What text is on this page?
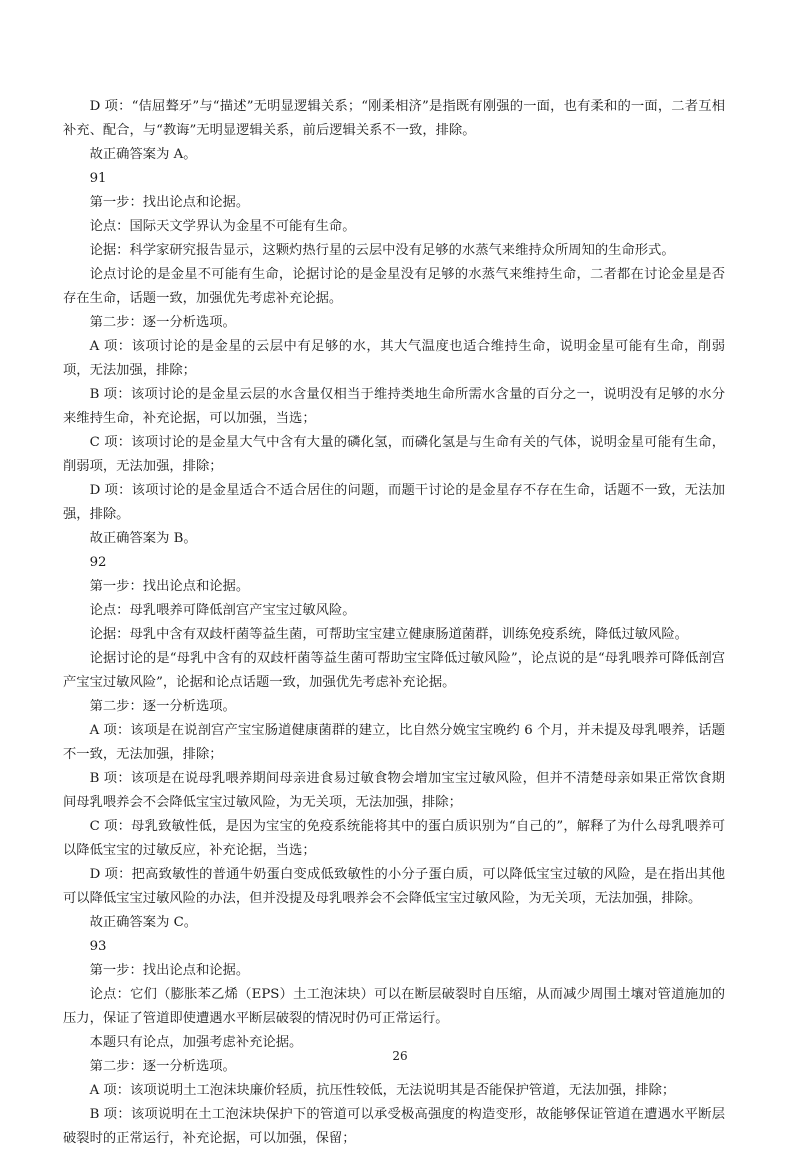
D 项：“佶屈聱牙”与“描述”无明显逻辑关系；“刚柔相济”是指既有刚强的一面，也有柔和的一面，二者互相补充、配合，与“教诲”无明显逻辑关系，前后逻辑关系不一致，排除。

故正确答案为 A。

91

第一步：找出论点和论据。

论点：国际天文学界认为金星不可能有生命。

论据：科学家研究报告显示，这颗灼热行星的云层中没有足够的水蒸气来维持众所周知的生命形式。

论点讨论的是金星不可能有生命，论据讨论的是金星没有足够的水蒸气来维持生命，二者都在讨论金星是否存在生命，话题一致，加强优先考虑补充论据。

第二步：逐一分析选项。

A 项：该项讨论的是金星的云层中有足够的水，其大气温度也适合维持生命，说明金星可能有生命，削弱项，无法加强，排除；

B 项：该项讨论的是金星云层的水含量仅相当于维持类地生命所需水含量的百分之一，说明没有足够的水分来维持生命，补充论据，可以加强，当选；

C 项：该项讨论的是金星大气中含有大量的磷化氢，而磷化氢是与生命有关的气体，说明金星可能有生命，削弱项，无法加强，排除；

D 项：该项讨论的是金星适合不适合居住的问题，而题干讨论的是金星存不存在生命，话题不一致，无法加强，排除。

故正确答案为 B。

92

第一步：找出论点和论据。

论点：母乳喂养可降低剖宫产宝宝过敏风险。

论据：母乳中含有双歧杆菌等益生菌，可帮助宝宝建立健康肠道菌群，训练免疫系统，降低过敏风险。

论据讨论的是“母乳中含有的双歧杆菌等益生菌可帮助宝宝降低过敏风险”，论点说的是“母乳喂养可降低剖宫产宝宝过敏风险”，论据和论点话题一致，加强优先考虑补充论据。

第二步：逐一分析选项。

A 项：该项是在说剖宫产宝宝肠道健康菌群的建立，比自然分娩宝宝晚约 6 个月，并未提及母乳喂养，话题不一致，无法加强，排除；

B 项：该项是在说母乳喂养期间母亲进食易过敏食物会增加宝宝过敏风险，但并不清楚母亲如果正常饮食期间母乳喂养会不会降低宝宝过敏风险，为无关项，无法加强，排除；

C 项：母乳致敏性低，是因为宝宝的免疫系统能将其中的蛋白质识别为“自己的”，解释了为什么母乳喂养可以降低宝宝的过敏反应，补充论据，当选；

D 项：把高致敏性的普通牛奶蛋白变成低致敏性的小分子蛋白质，可以降低宝宝过敏的风险，是在指出其他可以降低宝宝过敏风险的办法，但并没提及母乳喂养会不会降低宝宝过敏风险，为无关项，无法加强，排除。

故正确答案为 C。

93

第一步：找出论点和论据。

论点：它们（膨胀苯乙烯（EPS）土工泡沫块）可以在断层破裂时自压缩，从而减少周围土壤对管道施加的压力，保证了管道即使遭遇水平断层破裂的情况时仍可正常运行。

本题只有论点，加强考虑补充论据。

第二步：逐一分析选项。

A 项：该项说明土工泡沫块廉价轻质，抗压性较低，无法说明其是否能保护管道，无法加强，排除；

B 项：该项说明在土工泡沫块保护下的管道可以承受极高强度的构造变形，故能够保证管道在遭遇水平断层破裂时的正常运行，补充论据，可以加强，保留；

26
